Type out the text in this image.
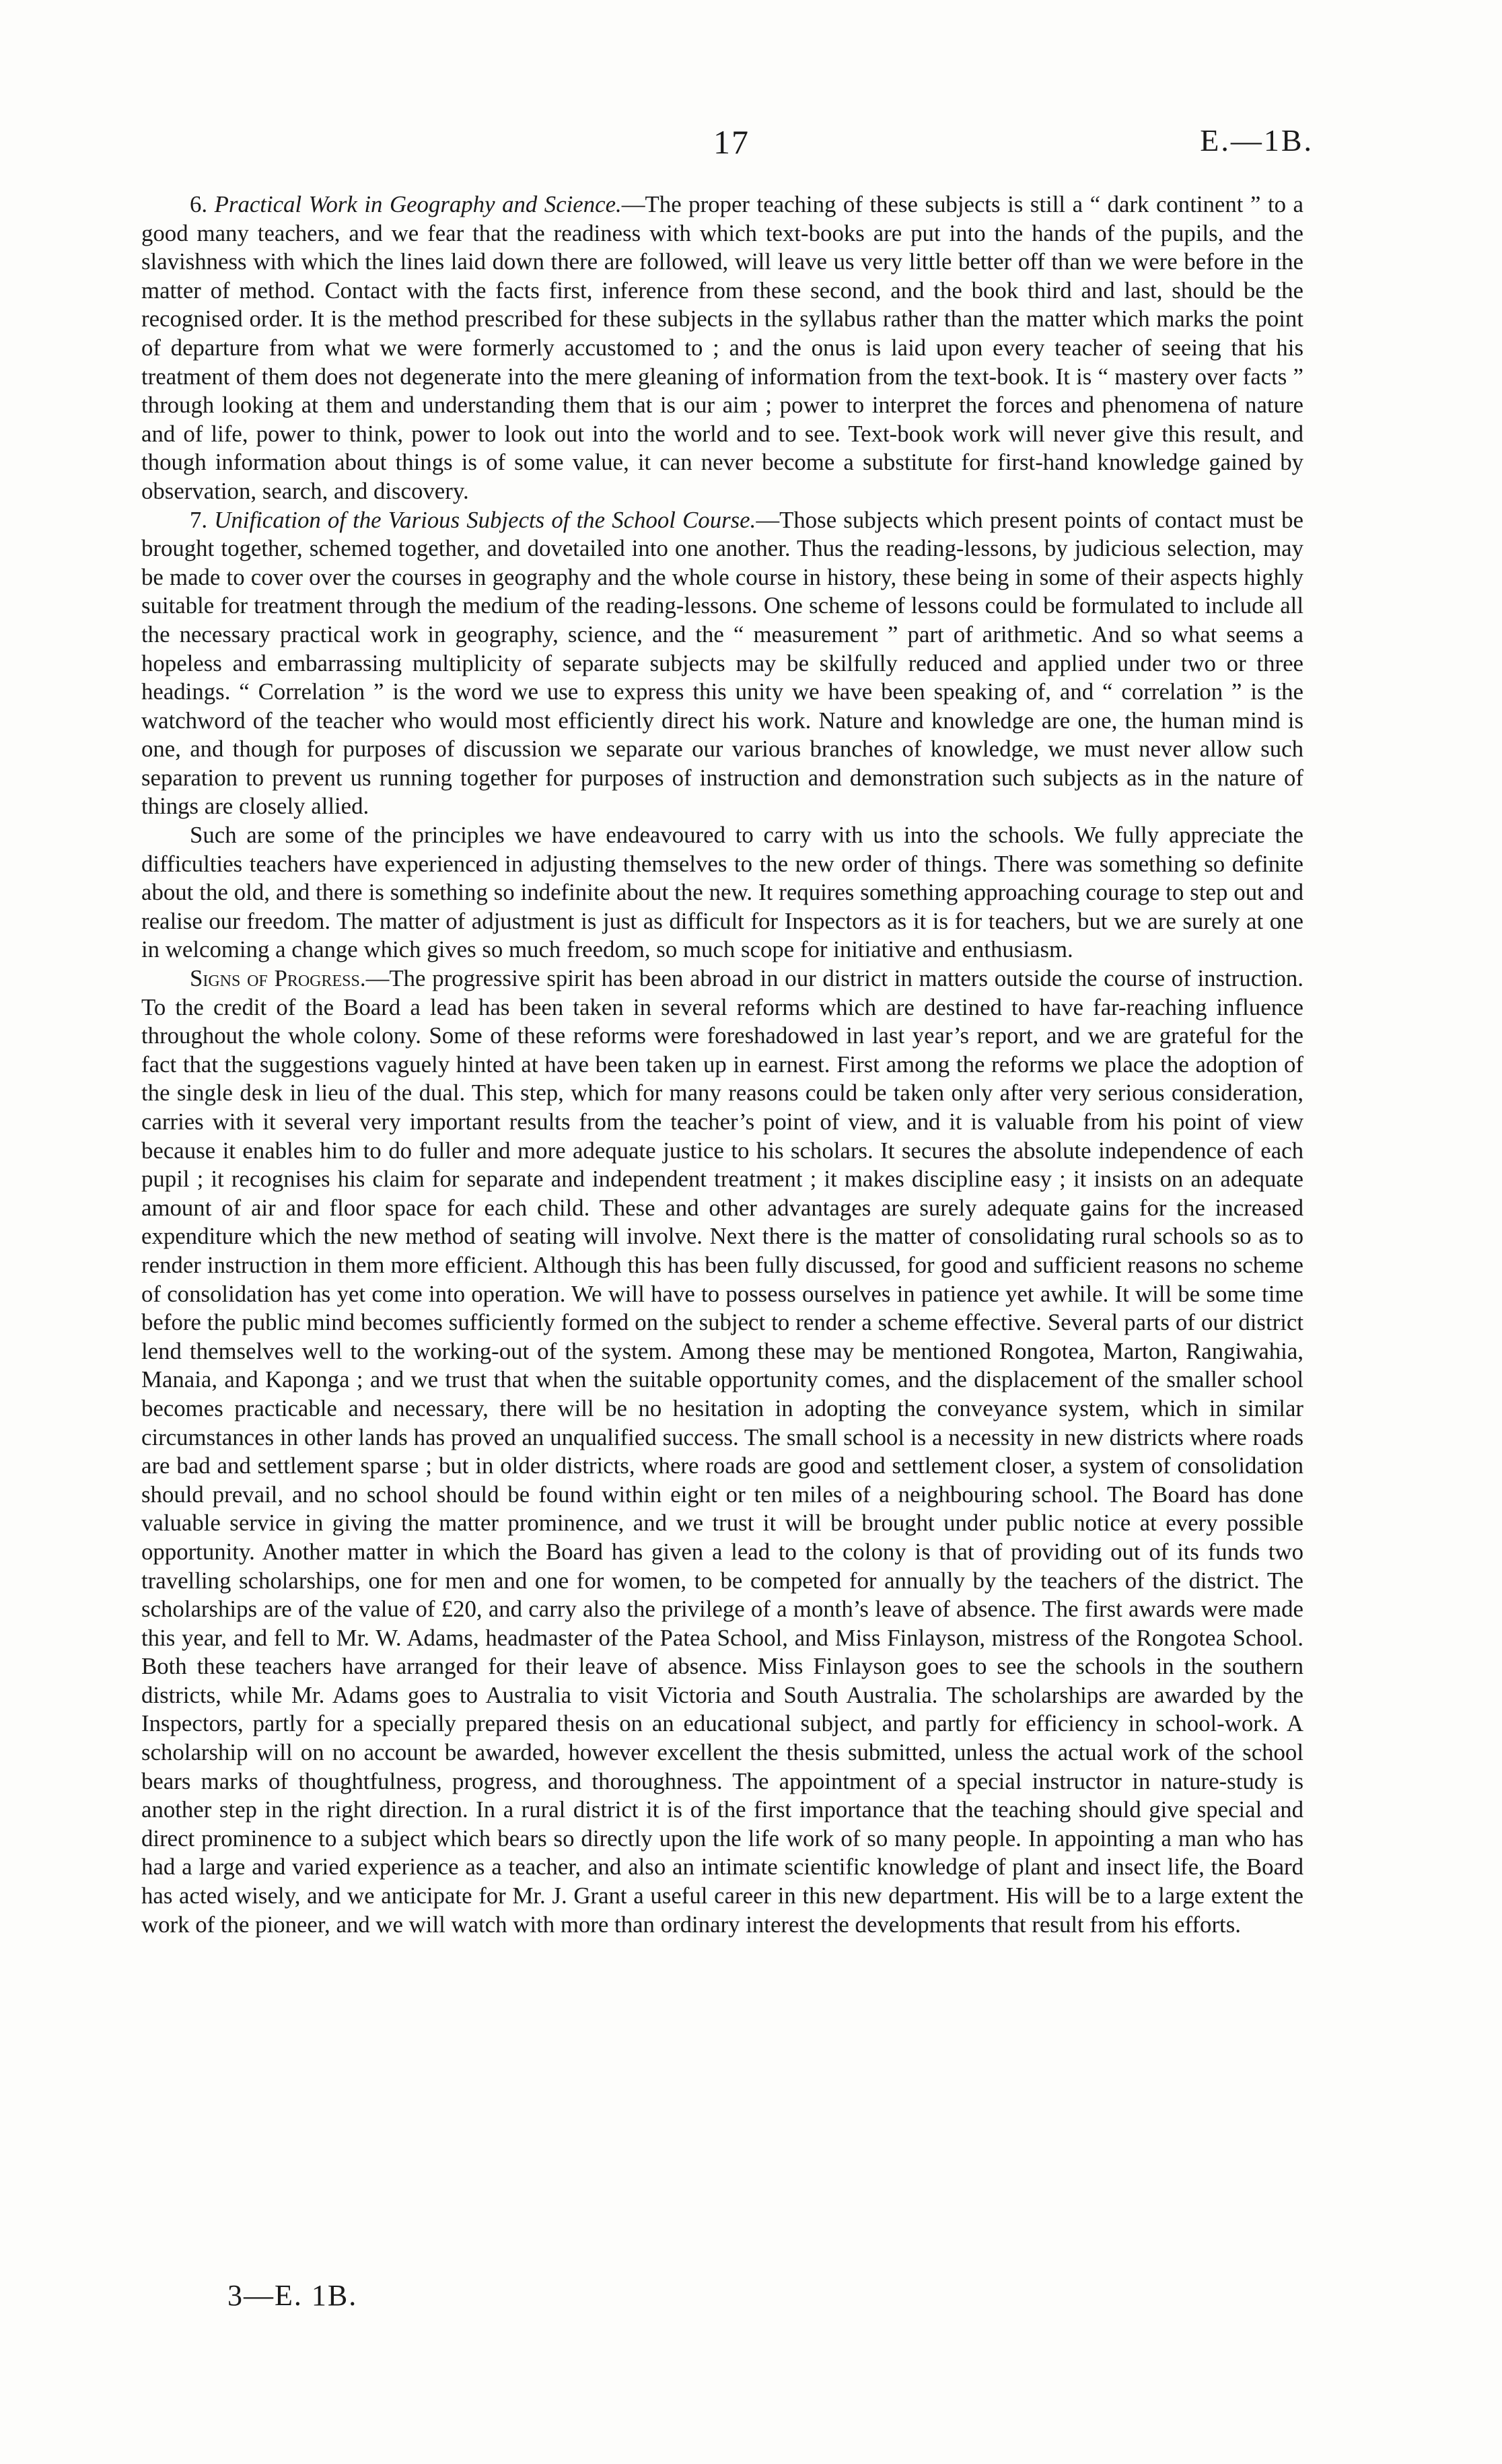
17	E.—1B.

6. Practical Work in Geography and Science.—The proper teaching of these subjects is still a “ dark continent ” to a good many teachers, and we fear that the readiness with which text-books are put into the hands of the pupils, and the slavishness with which the lines laid down there are followed, will leave us very little better off than we were before in the matter of method. Contact with the facts first, inference from these second, and the book third and last, should be the recognised order. It is the method prescribed for these subjects in the syllabus rather than the matter which marks the point of departure from what we were formerly accustomed to ; and the onus is laid upon every teacher of seeing that his treatment of them does not degenerate into the mere gleaning of information from the text-book. It is “ mastery over facts ” through looking at them and understanding them that is our aim ; power to interpret the forces and phenomena of nature and of life, power to think, power to look out into the world and to see. Text-book work will never give this result, and though information about things is of some value, it can never become a substitute for first-hand knowledge gained by observation, search, and discovery.

7. Unification of the Various Subjects of the School Course.—Those subjects which present points of contact must be brought together, schemed together, and dovetailed into one another. Thus the reading-lessons, by judicious selection, may be made to cover over the courses in geography and the whole course in history, these being in some of their aspects highly suitable for treatment through the medium of the reading-lessons. One scheme of lessons could be formulated to include all the necessary practical work in geography, science, and the “ measurement ” part of arithmetic. And so what seems a hopeless and embarrassing multiplicity of separate subjects may be skilfully reduced and applied under two or three headings. “ Correlation ” is the word we use to express this unity we have been speaking of, and “ correlation ” is the watchword of the teacher who would most efficiently direct his work. Nature and knowledge are one, the human mind is one, and though for purposes of discussion we separate our various branches of knowledge, we must never allow such separation to prevent us running together for purposes of instruction and demonstration such subjects as in the nature of things are closely allied.

Such are some of the principles we have endeavoured to carry with us into the schools. We fully appreciate the difficulties teachers have experienced in adjusting themselves to the new order of things. There was something so definite about the old, and there is something so indefinite about the new. It requires something approaching courage to step out and realise our freedom. The matter of adjustment is just as difficult for Inspectors as it is for teachers, but we are surely at one in welcoming a change which gives so much freedom, so much scope for initiative and enthusiasm.

Signs of Progress.—The progressive spirit has been abroad in our district in matters outside the course of instruction. To the credit of the Board a lead has been taken in several reforms which are destined to have far-reaching influence throughout the whole colony. Some of these reforms were foreshadowed in last year’s report, and we are grateful for the fact that the suggestions vaguely hinted at have been taken up in earnest. First among the reforms we place the adoption of the single desk in lieu of the dual. This step, which for many reasons could be taken only after very serious consideration, carries with it several very important results from the teacher’s point of view, and it is valuable from his point of view because it enables him to do fuller and more adequate justice to his scholars. It secures the absolute independence of each pupil ; it recognises his claim for separate and independent treatment ; it makes discipline easy ; it insists on an adequate amount of air and floor space for each child. These and other advantages are surely adequate gains for the increased expenditure which the new method of seating will involve. Next there is the matter of consolidating rural schools so as to render instruction in them more efficient. Although this has been fully discussed, for good and sufficient reasons no scheme of consolidation has yet come into operation. We will have to possess ourselves in patience yet awhile. It will be some time before the public mind becomes sufficiently formed on the subject to render a scheme effective. Several parts of our district lend themselves well to the working-out of the system. Among these may be mentioned Rongotea, Marton, Rangiwahia, Manaia, and Kaponga ; and we trust that when the suitable opportunity comes, and the displacement of the smaller school becomes practicable and necessary, there will be no hesitation in adopting the conveyance system, which in similar circumstances in other lands has proved an unqualified success. The small school is a necessity in new districts where roads are bad and settlement sparse ; but in older districts, where roads are good and settlement closer, a system of consolidation should prevail, and no school should be found within eight or ten miles of a neighbouring school. The Board has done valuable service in giving the matter prominence, and we trust it will be brought under public notice at every possible opportunity. Another matter in which the Board has given a lead to the colony is that of providing out of its funds two travelling scholarships, one for men and one for women, to be competed for annually by the teachers of the district. The scholarships are of the value of £20, and carry also the privilege of a month’s leave of absence. The first awards were made this year, and fell to Mr. W. Adams, headmaster of the Patea School, and Miss Finlayson, mistress of the Rongotea School. Both these teachers have arranged for their leave of absence. Miss Finlayson goes to see the schools in the southern districts, while Mr. Adams goes to Australia to visit Victoria and South Australia. The scholarships are awarded by the Inspectors, partly for a specially prepared thesis on an educational subject, and partly for efficiency in school-work. A scholarship will on no account be awarded, however excellent the thesis submitted, unless the actual work of the school bears marks of thoughtfulness, progress, and thoroughness. The appointment of a special instructor in nature-study is another step in the right direction. In a rural district it is of the first importance that the teaching should give special and direct prominence to a subject which bears so directly upon the life work of so many people. In appointing a man who has had a large and varied experience as a teacher, and also an intimate scientific knowledge of plant and insect life, the Board has acted wisely, and we anticipate for Mr. J. Grant a useful career in this new department. His will be to a large extent the work of the pioneer, and we will watch with more than ordinary interest the developments that result from his efforts.

3—E. 1B.
